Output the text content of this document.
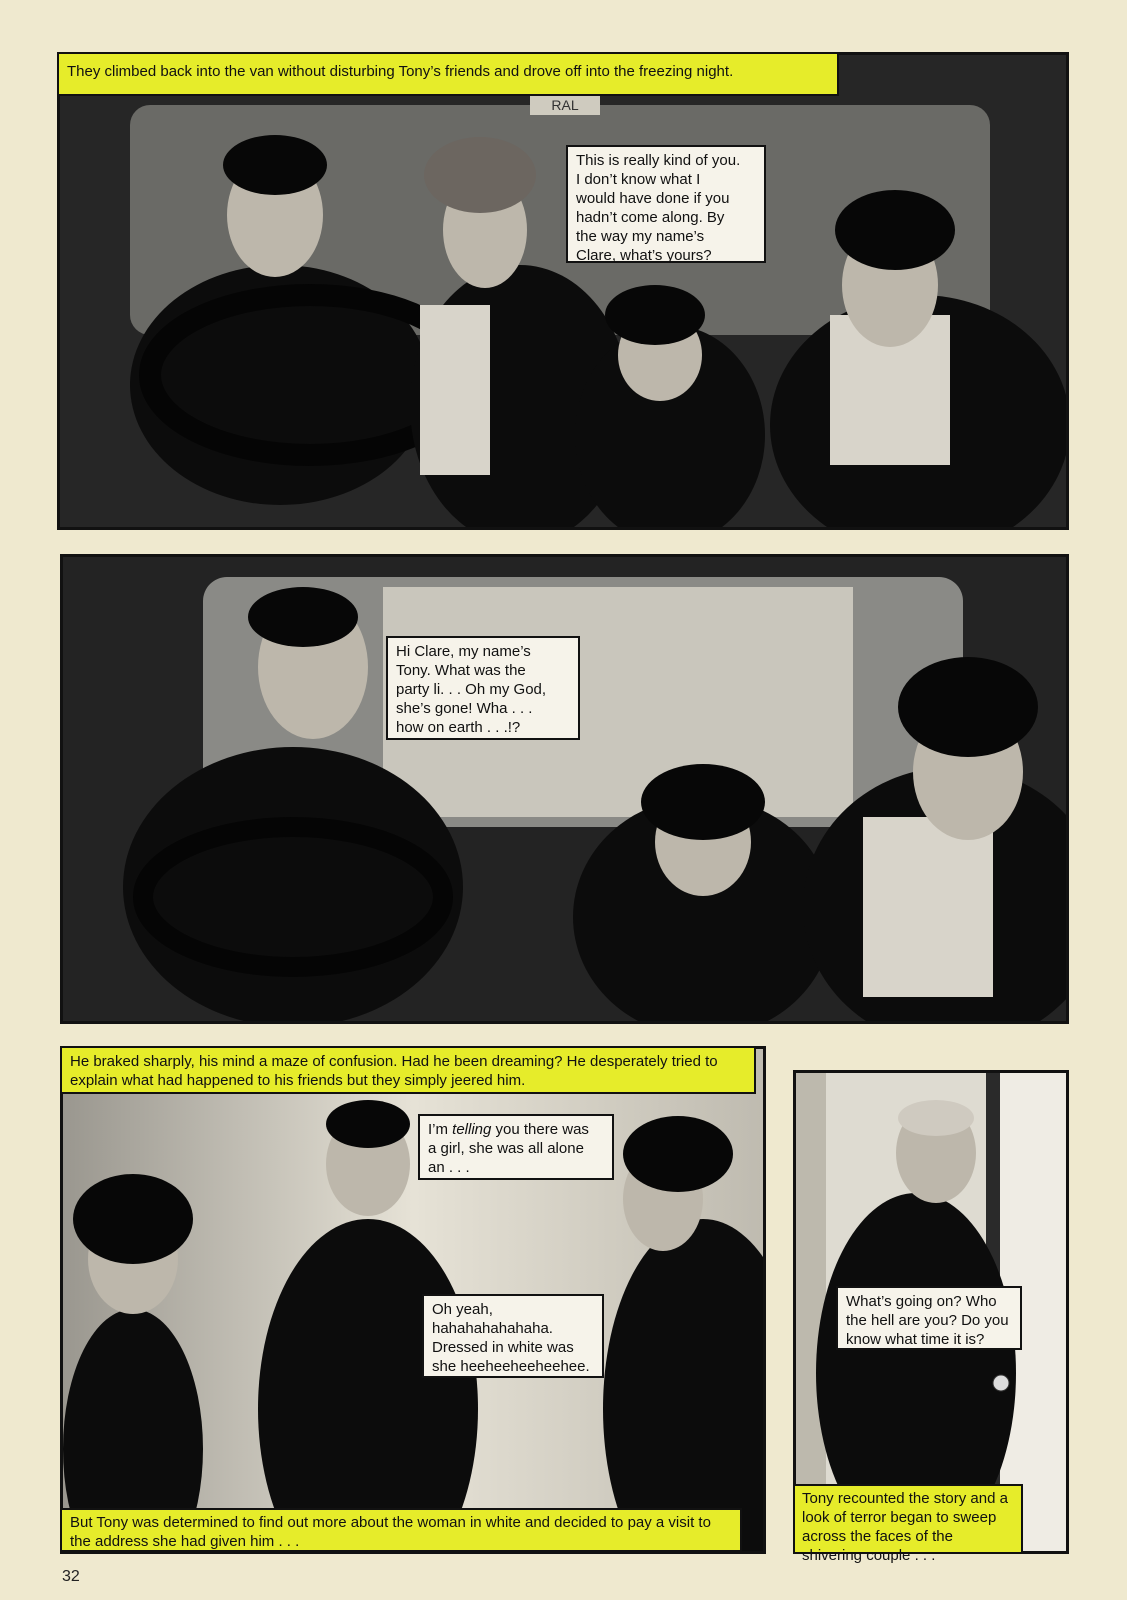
RAL
They climbed back into the van without disturbing Tony’s friends and drove off into the freezing night.
This is really kind of you.
I don’t know what I
would have done if you
hadn’t come along. By
the way my name’s
Clare, what’s yours?
Hi Clare, my name’s
Tony. What was the
party li. . . Oh my God,
she’s gone! Wha . . .
how on earth . . .!?
He braked sharply, his mind a maze of confusion. Had he been dreaming? He desperately tried to explain what had happened to his friends but they simply jeered him.
I’m telling you there was
a girl, she was all alone
an . . .
Oh yeah,
hahahahahahaha.
Dressed in white was
she heeheeheeheehee.
But Tony was determined to find out more about the woman in white and decided to pay a visit to the address she had given him . . .
What’s going on? Who
the hell are you? Do you
know what time it is?
Tony recounted the story and a look of terror began to sweep across the faces of the shivering couple . . .
32
